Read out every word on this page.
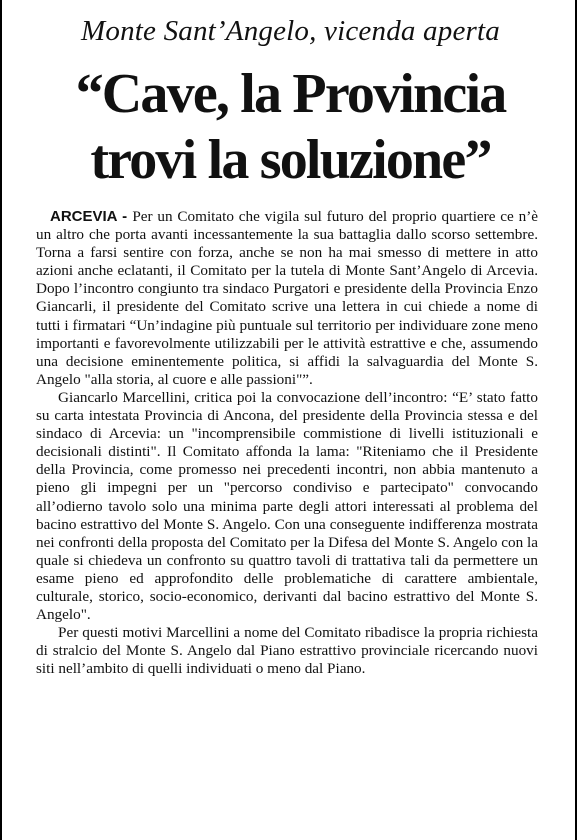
Monte Sant’Angelo, vicenda aperta
“Cave, la Provincia
trovi la soluzione”

ARCEVIA - Per un Comitato che vigila sul futuro del proprio quartiere ce n’è un altro che porta avanti incessantemente la sua battaglia dallo scorso settembre. Torna a farsi sentire con forza, anche se non ha mai smesso di mettere in atto azioni anche eclatanti, il Comitato per la tutela di Monte Sant’Angelo di Arcevia. Dopo l’incontro congiunto tra sindaco Purgatori e presidente della Provincia Enzo Giancarli, il presidente del Comitato scrive una lettera in cui chiede a nome di tutti i firmatari “Un’indagine più puntuale sul territorio per individuare zone meno importanti e favorevolmente utilizzabili per le attività estrattive e che, assumendo una decisione eminentemente politica, si affidi la salvaguardia del Monte S. Angelo "alla storia, al cuore e alle passioni"”.

Giancarlo Marcellini, critica poi la convocazione dell’incontro: “E’ stato fatto su carta intestata Provincia di Ancona, del presidente della Provincia stessa e del sindaco di Arcevia: un "incomprensibile commistione di livelli istituzionali e decisionali distinti". Il Comitato affonda la lama: "Riteniamo che il Presidente della Provincia, come promesso nei precedenti incontri, non abbia mantenuto a pieno gli impegni per un "percorso condiviso e partecipato" convocando all’odierno tavolo solo una minima parte degli attori interessati al problema del bacino estrattivo del Monte S. Angelo. Con una conseguente indifferenza mostrata nei confronti della proposta del Comitato per la Difesa del Monte S. Angelo con la quale si chiedeva un confronto su quattro tavoli di trattativa tali da permettere un esame pieno ed approfondito delle problematiche di carattere ambientale, culturale, storico, socio-economico, derivanti dal bacino estrattivo del Monte S. Angelo".

Per questi motivi Marcellini a nome del Comitato ribadisce la propria richiesta di stralcio del Monte S. Angelo dal Piano estrattivo provinciale ricercando nuovi siti nell’ambito di quelli individuati o meno dal Piano.
